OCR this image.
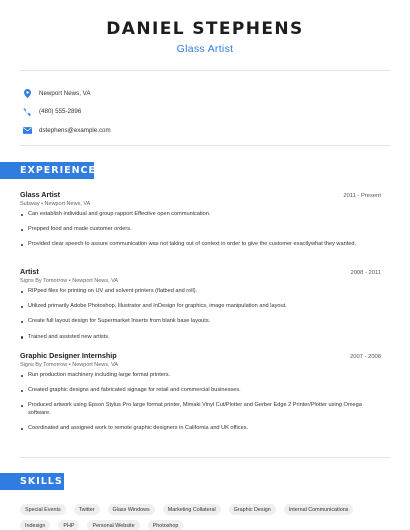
DANIEL STEPHENS
Glass Artist
Newport News, VA
(480) 555-2896
dstephens@example.com
EXPERIENCE
Glass Artist	2011 - Present
Subway • Newport News, VA
Can establish individual and group rapport Effective open communication.
Prepped food and made customer orders.
Provided clear speech to assure communication was not taking out of context in order to give the customer exactlywhat they wanted.
Artist	2008 - 2011
Signs By Tomorrow • Newport News, VA
RIPped files for printing on UV and solvent printers (flatbed and roll).
Utilized primarily Adobe Photoshop, Illustrator and InDesign for graphics, image manipulation and layout.
Create full layout design for Supermarket Inserts from blank base layouts.
Trained and assisted new artists.
Graphic Designer Internship	2007 - 2008
Signs By Tomorrow • Newport News, VA
Run production machinery including large format printers.
Created graphic designs and fabricated signage for retail and commercial businesses.
Produced artwork using Epson Stylus Pro large format printer, Mimaki Vinyl Cut/Plotter and Gerber Edge 2 Printer/Plotter using Omega software.
Coordinated and assigned work to remote graphic designers in California and UK offices.
SKILLS
Special Events	Twitter	Glass Windows	Marketing Collateral	Graphic Design	Internal Communications
Indesign	PHP	Personal Website	Photoshop
